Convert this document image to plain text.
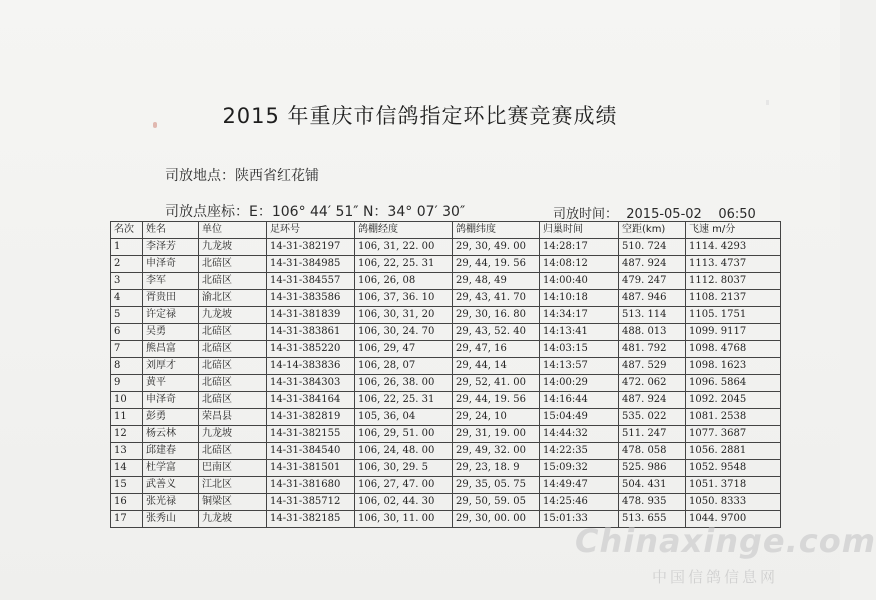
2015 年重庆市信鸽指定环比赛竞赛成绩
司放地点：陕西省红花铺
司放点座标：E：106° 44′ 51″ N：34° 07′ 30″	司放时间：  2015-05-02    06:50
名次	姓名	单位	足环号	鸽棚经度	鸽棚纬度	归巢时间	空距(km)	飞速 m/分
1	李泽芳	九龙坡	14-31-382197	106, 31, 22. 00	29, 30, 49. 00	14:28:17	510. 724	1114. 4293
2	申泽奇	北碚区	14-31-384985	106, 22, 25. 31	29, 44, 19. 56	14:08:12	487. 924	1113. 4737
3	李军	北碚区	14-31-384557	106, 26, 08	29, 48, 49	14:00:40	479. 247	1112. 8037
4	胥贵田	渝北区	14-31-383586	106, 37, 36. 10	29, 43, 41. 70	14:10:18	487. 946	1108. 2137
5	许定禄	九龙坡	14-31-381839	106, 30, 31, 20	29, 30, 16. 80	14:34:17	513. 114	1105. 1751
6	吴勇	北碚区	14-31-383861	106, 30, 24. 70	29, 43, 52. 40	14:13:41	488. 013	1099. 9117
7	熊昌富	北碚区	14-31-385220	106, 29, 47	29, 47, 16	14:03:15	481. 792	1098. 4768
8	刘厚才	北碚区	14-14-383836	106, 28, 07	29, 44, 14	14:13:57	487. 529	1098. 1623
9	黄平	北碚区	14-31-384303	106, 26, 38. 00	29, 52, 41. 00	14:00:29	472. 062	1096. 5864
10	申泽奇	北碚区	14-31-384164	106, 22, 25. 31	29, 44, 19. 56	14:16:44	487. 924	1092. 2045
11	彭勇	荣昌县	14-31-382819	105, 36, 04	29, 24, 10	15:04:49	535. 022	1081. 2538
12	杨云林	九龙坡	14-31-382155	106, 29, 51. 00	29, 31, 19. 00	14:44:32	511. 247	1077. 3687
13	邱建春	北碚区	14-31-384540	106, 24, 48. 00	29, 49, 32. 00	14:22:35	478. 058	1056. 2881
14	杜学富	巴南区	14-31-381501	106, 30, 29. 5	29, 23, 18. 9	15:09:32	525. 986	1052. 9548
15	武善义	江北区	14-31-381680	106, 27, 47. 00	29, 35, 05. 75	14:49:47	504. 431	1051. 3718
16	张光禄	铜梁区	14-31-385712	106, 02, 44. 30	29, 50, 59. 05	14:25:46	478. 935	1050. 8333
17	张秀山	九龙坡	14-31-382185	106, 30, 11. 00	29, 30, 00. 00	15:01:33	513. 655	1044. 9700
Chinaxinge.com
中国信鸽信息网
